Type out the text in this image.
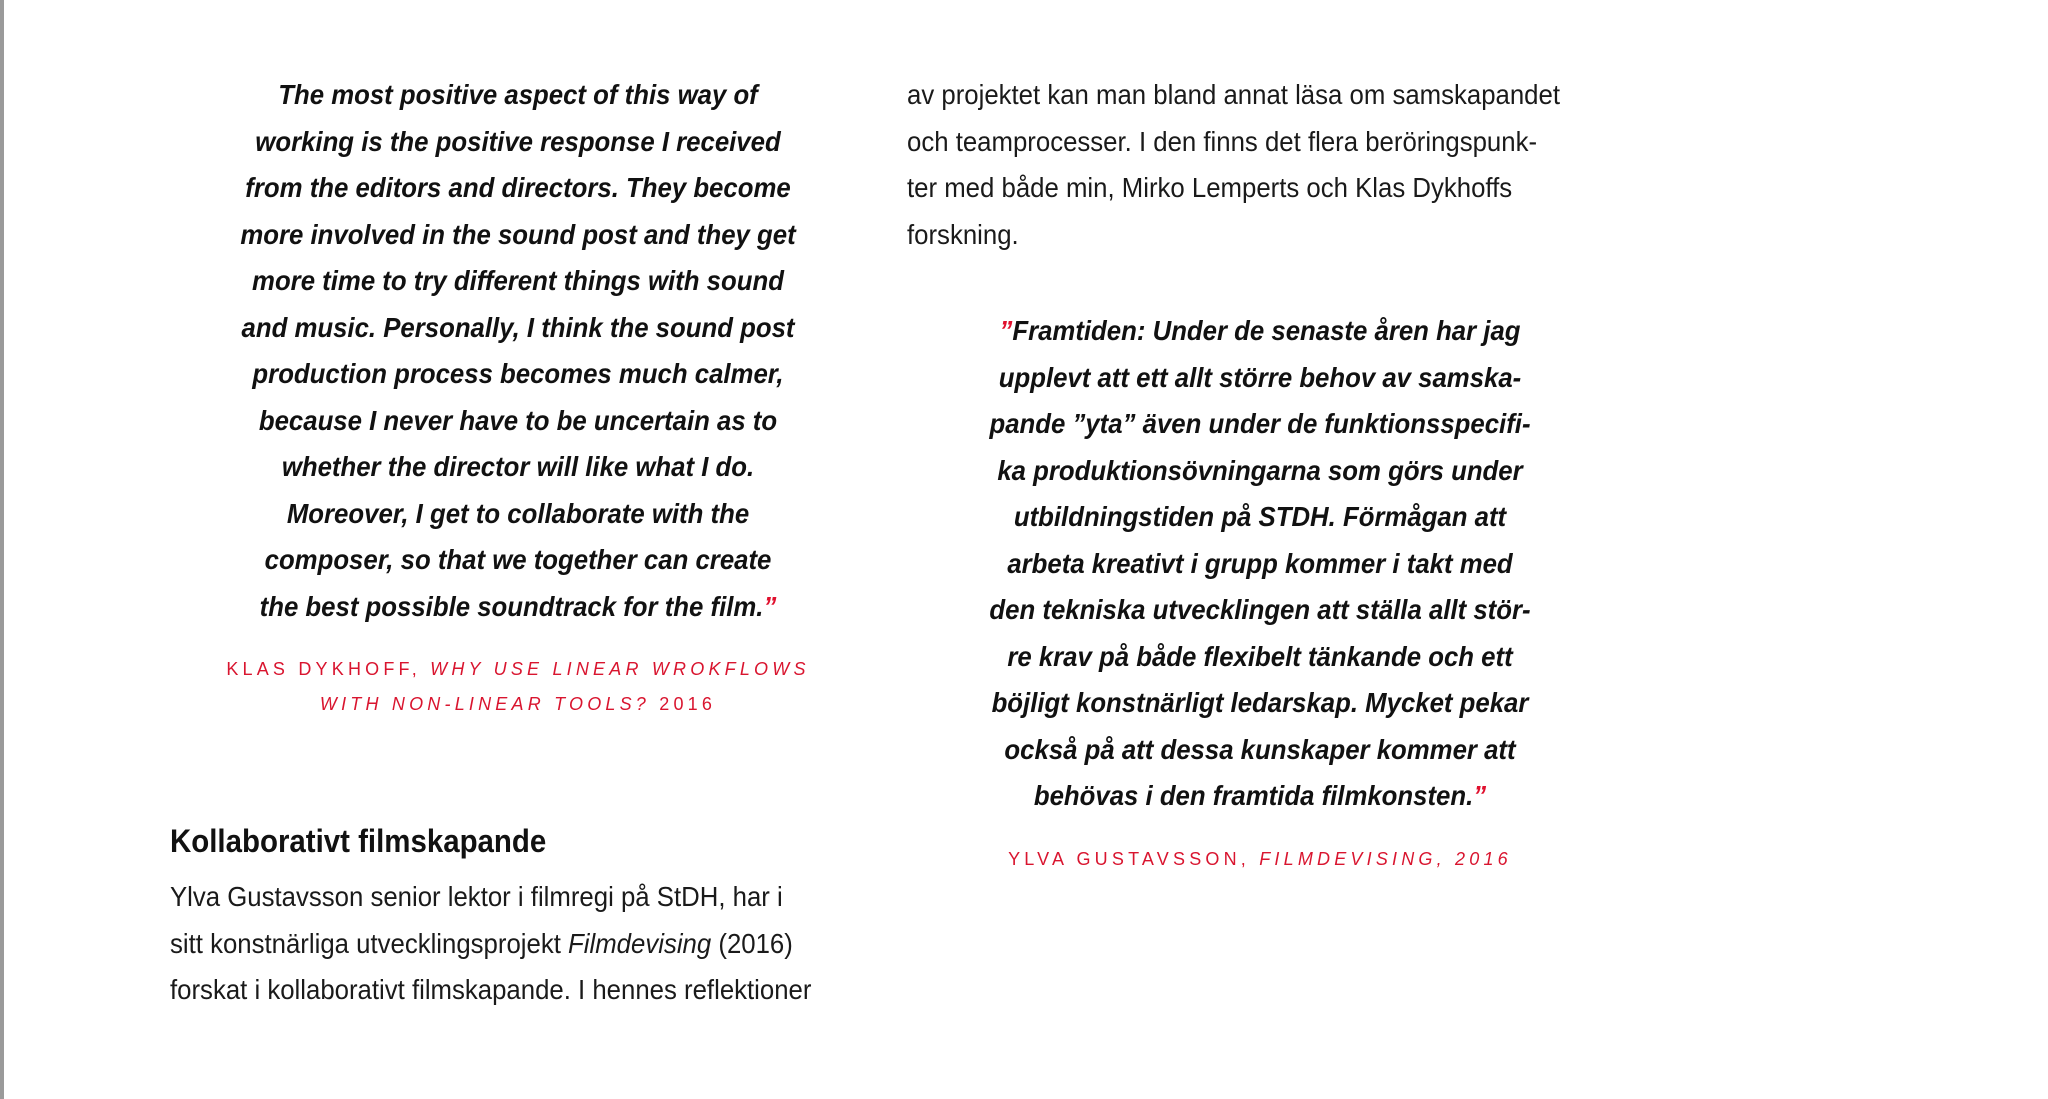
The most positive aspect of this way of
working is the positive response I received
from the editors and directors. They become
more involved in the sound post and they get
more time to try different things with sound
and music. Personally, I think the sound post
production process becomes much calmer,
because I never have to be uncertain as to
whether the director will like what I do.
Moreover, I get to collaborate with the
composer, so that we together can create
the best possible soundtrack for the film.”
KLAS DYKHOFF, WHY USE LINEAR WROKFLOWS
WITH NON-LINEAR TOOLS? 2016
Kollaborativt filmskapande
Ylva Gustavsson senior lektor i filmregi på StDH, har i
sitt konstnärliga utvecklingsprojekt Filmdevising (2016)
forskat i kollaborativt filmskapande. I hennes reflektioner
av projektet kan man bland annat läsa om samskapandet
och teamprocesser. I den finns det flera beröringspunk-
ter med både min, Mirko Lemperts och Klas Dykhoffs
forskning.
”Framtiden: Under de senaste åren har jag
upplevt att ett allt större behov av samska-
pande ”yta” även under de funktionsspecifi-
ka produktionsövningarna som görs under
utbildningstiden på STDH. Förmågan att
arbeta kreativt i grupp kommer i takt med
den tekniska utvecklingen att ställa allt stör-
re krav på både flexibelt tänkande och ett
böjligt konstnärligt ledarskap. Mycket pekar
också på att dessa kunskaper kommer att
behövas i den framtida filmkonsten.”
YLVA GUSTAVSSON, FILMDEVISING, 2016
